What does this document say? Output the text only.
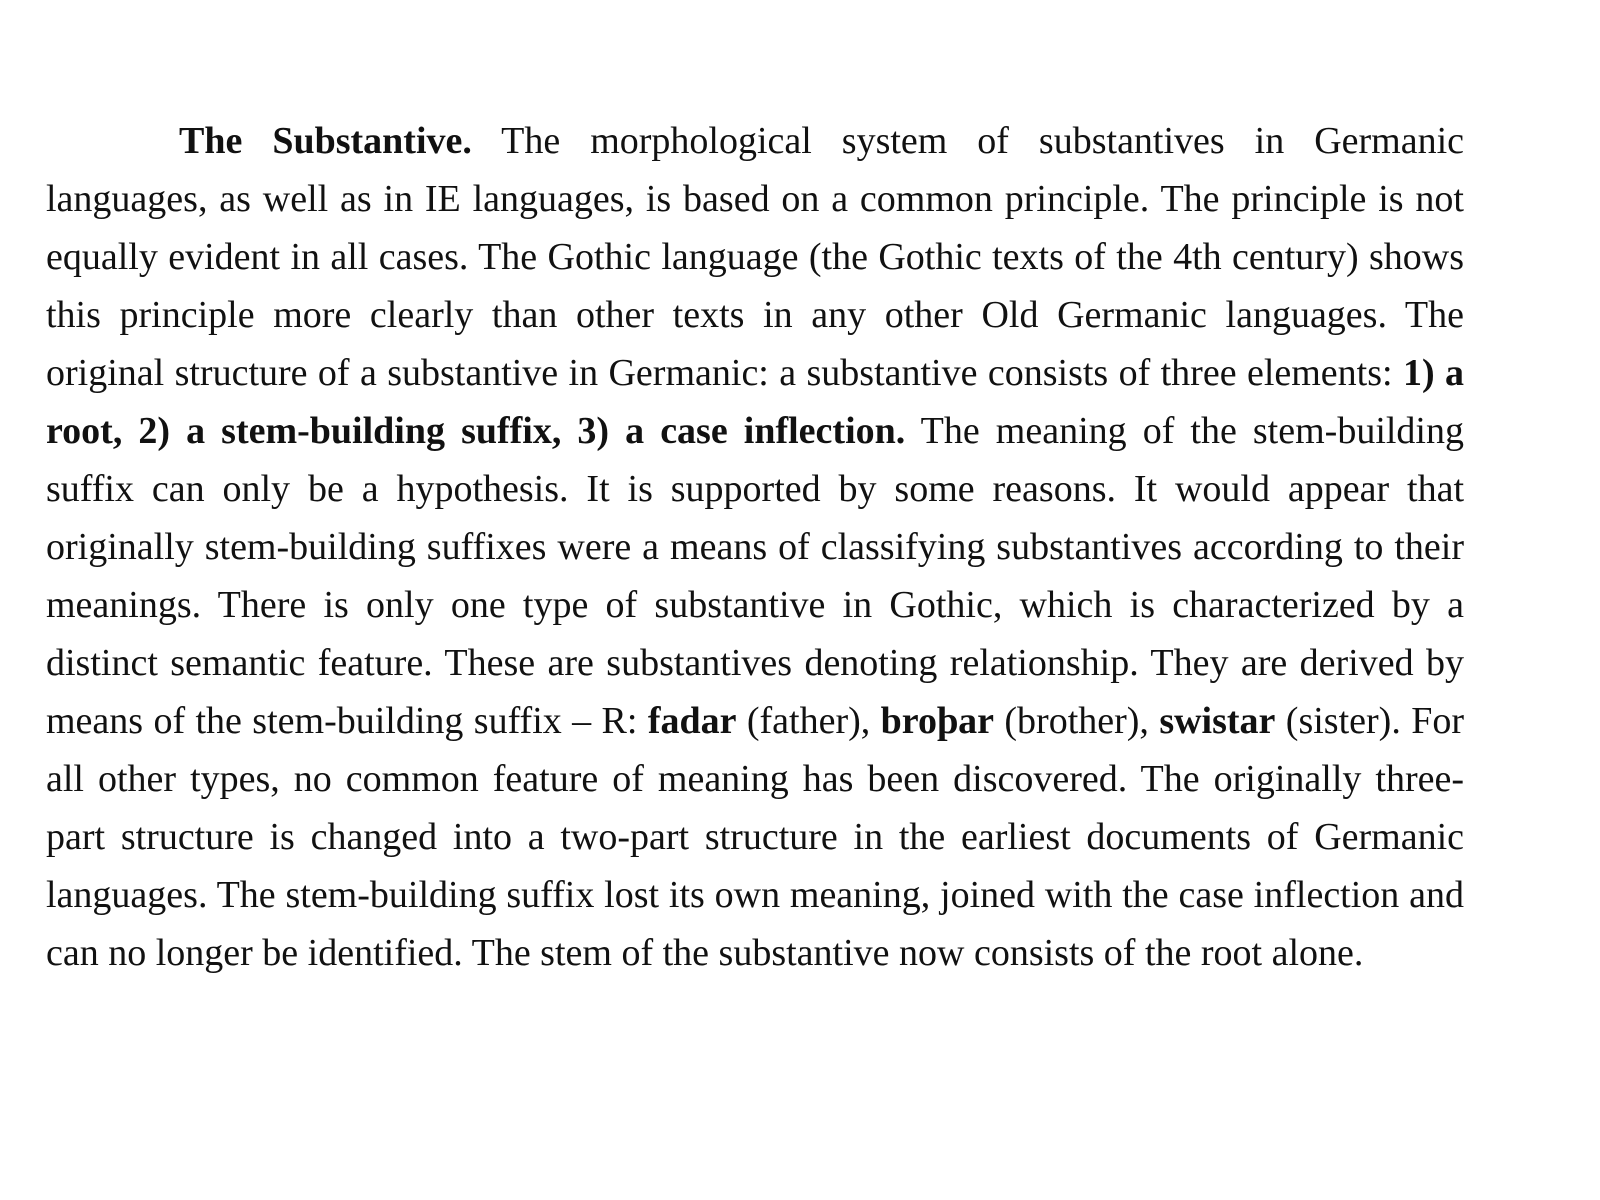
The Substantive. The morphological system of substantives in Germanic languages, as well as in IE languages, is based on a common principle. The principle is not equally evident in all cases. The Gothic language (the Gothic texts of the 4th century) shows this principle more clearly than other texts in any other Old Germanic languages. The original structure of a substantive in Germanic: a substantive consists of three elements: 1) a root, 2) a stem-building suffix, 3) a case inflection. The meaning of the stem-building suffix can only be a hypothesis. It is supported by some reasons. It would appear that originally stem-building suffixes were a means of classifying substantives according to their meanings. There is only one type of substantive in Gothic, which is characterized by a distinct semantic feature. These are substantives denoting relationship. They are derived by means of the stem-building suffix – R: fadar (father), broþar (brother), swistar (sister). For all other types, no common feature of meaning has been discovered. The originally three-part structure is changed into a two-part structure in the earliest documents of Germanic languages. The stem-building suffix lost its own meaning, joined with the case inflection and can no longer be identified. The stem of the substantive now consists of the root alone.
